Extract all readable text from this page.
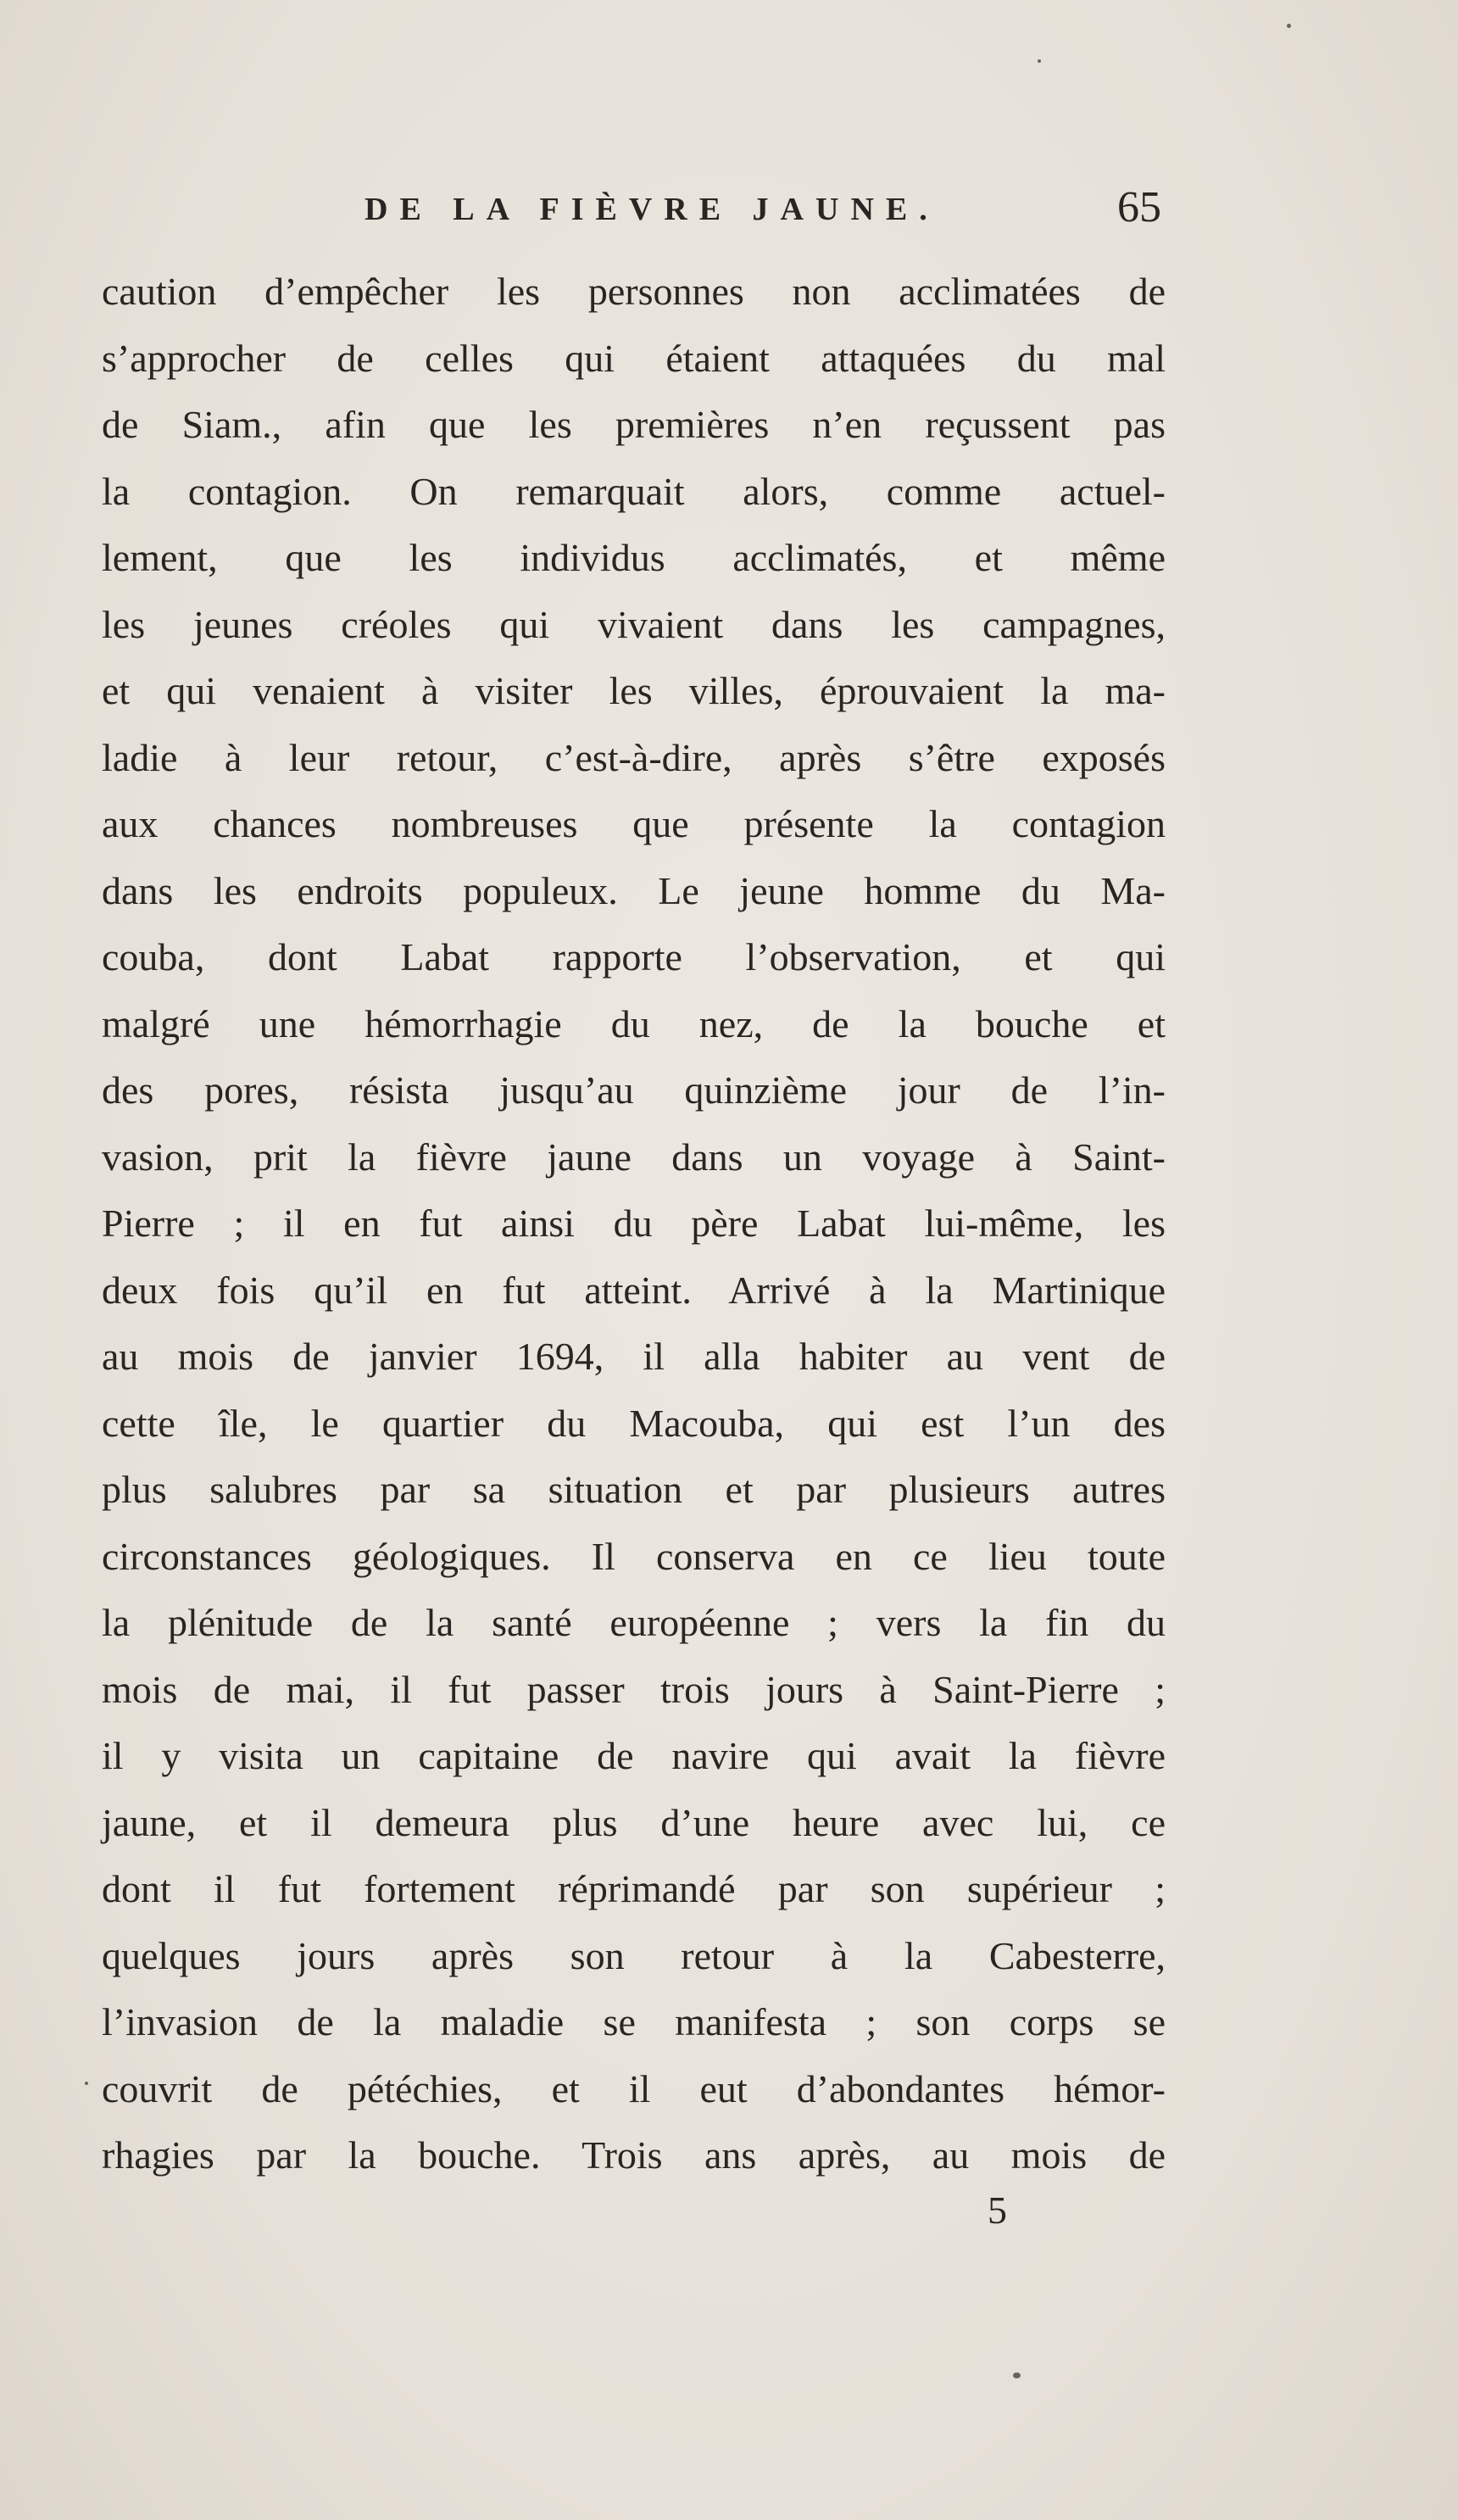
DE LA FIÈVRE JAUNE.	65
caution d’empêcher les personnes non acclimatées de
s’approcher de celles qui étaient attaquées du mal
de Siam., afin que les premières n’en reçussent pas
la contagion. On remarquait alors, comme actuel-
lement, que les individus acclimatés, et même
les jeunes créoles qui vivaient dans les campagnes,
et qui venaient à visiter les villes, éprouvaient la ma-
ladie à leur retour, c’est-à-dire, après s’être exposés
aux chances nombreuses que présente la contagion
dans les endroits populeux. Le jeune homme du Ma-
couba, dont Labat rapporte l’observation, et qui
malgré une hémorrhagie du nez, de la bouche et
des pores, résista jusqu’au quinzième jour de l’in-
vasion, prit la fièvre jaune dans un voyage à Saint-
Pierre ; il en fut ainsi du père Labat lui-même, les
deux fois qu’il en fut atteint. Arrivé à la Martinique
au mois de janvier 1694, il alla habiter au vent de
cette île, le quartier du Macouba, qui est l’un des
plus salubres par sa situation et par plusieurs autres
circonstances géologiques. Il conserva en ce lieu toute
la plénitude de la santé européenne ; vers la fin du
mois de mai, il fut passer trois jours à Saint-Pierre ;
il y visita un capitaine de navire qui avait la fièvre
jaune, et il demeura plus d’une heure avec lui, ce
dont il fut fortement réprimandé par son supérieur ;
quelques jours après son retour à la Cabesterre,
l’invasion de la maladie se manifesta ; son corps se
couvrit de pétéchies, et il eut d’abondantes hémor-
rhagies par la bouche. Trois ans après, au mois de
5
